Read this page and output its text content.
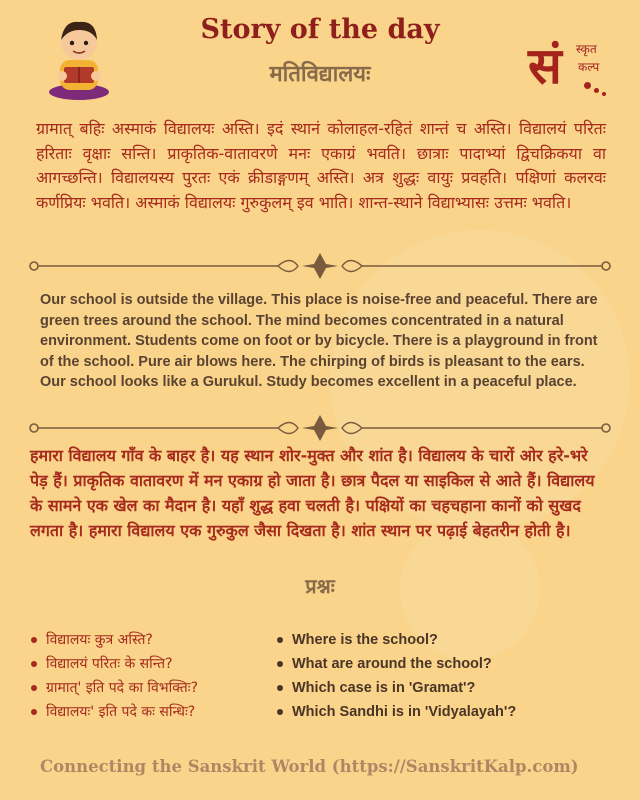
Story of the day
मतिविद्यालयः	सं स्कृत
कल्प
ग्रामात् बहिः अस्माकं विद्यालयः अस्ति। इदं स्थानं कोलाहल-रहितं शान्तं च अस्ति। विद्यालयं परितः हरिताः वृक्षाः सन्ति। प्राकृतिक-वातावरणे मनः एकाग्रं भवति। छात्राः पादाभ्यां द्विचक्रिकया वा आगच्छन्ति। विद्यालयस्य पुरतः एकं क्रीडाङ्गणम् अस्ति। अत्र शुद्धः वायुः प्रवहति। पक्षिणां कलरवः कर्णप्रियः भवति। अस्माकं विद्यालयः गुरुकुलम् इव भाति। शान्त-स्थाने विद्याभ्यासः उत्तमः भवति।
Our school is outside the village. This place is noise-free and peaceful. There are green trees around the school. The mind becomes concentrated in a natural environment. Students come on foot or by bicycle. There is a playground in front of the school. Pure air blows here. The chirping of birds is pleasant to the ears. Our school looks like a Gurukul. Study becomes excellent in a peaceful place.
हमारा विद्यालय गाँव के बाहर है। यह स्थान शोर-मुक्त और शांत है। विद्यालय के चारों ओर हरे-भरे पेड़ हैं। प्राकृतिक वातावरण में मन एकाग्र हो जाता है। छात्र पैदल या साइकिल से आते हैं। विद्यालय के सामने एक खेल का मैदान है। यहाँ शुद्ध हवा चलती है। पक्षियों का चहचहाना कानों को सुखद लगता है। हमारा विद्यालय एक गुरुकुल जैसा दिखता है। शांत स्थान पर पढ़ाई बेहतरीन होती है।
प्रश्नः
विद्यालयः कुत्र अस्ति?
विद्यालयं परितः के सन्ति?
ग्रामात्' इति पदे का विभक्तिः?
विद्यालयः' इति पदे कः सन्धिः?
Where is the school?
What are around the school?
Which case is in 'Gramat'?
Which Sandhi is in 'Vidyalayah'?
Connecting the Sanskrit World (https://SanskritKalp.com)
